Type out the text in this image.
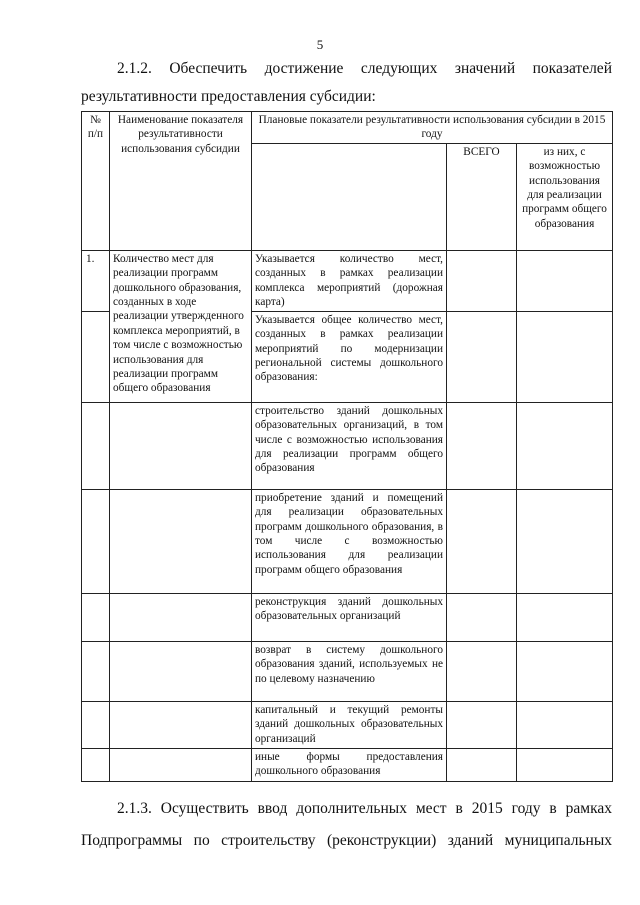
5
2.1.2. Обеспечить достижение следующих значений показателей
результативности предоставления субсидии:
№ п/п	Наименование показателя результативности использования субсидии	Плановые показатели результативности использования субсидии в 2015 году		
			ВСЕГО	из них, с возможностью использования для реализации программ общего образования
1.	Количество мест для реализации программ дошкольного образования, созданных в ходе реализации утвержденного комплекса мероприятий, в том числе с возможностью использования для реализации программ общего образования	Указывается количество мест, созданных в рамках реализации комплекса мероприятий (дорожная карта)		
		Указывается общее количество мест, созданных в рамках реализации мероприятий по модернизации региональной системы дошкольного образования:		
		строительство зданий дошкольных образовательных организаций, в том числе с возможностью использования для реализации программ общего образования		
		приобретение зданий и помещений для реализации образовательных программ дошкольного образования, в том числе с возможностью использования для реализации программ общего образования		
		реконструкция зданий дошкольных образовательных организаций		
		возврат в систему дошкольного образования зданий, используемых не по целевому назначению		
		капитальный и текущий ремонты зданий дошкольных образовательных организаций		
		иные формы предоставления дошкольного образования		
2.1.3. Осуществить ввод дополнительных мест в 2015 году в рамках
Подпрограммы по строительству (реконструкции) зданий муниципальных
